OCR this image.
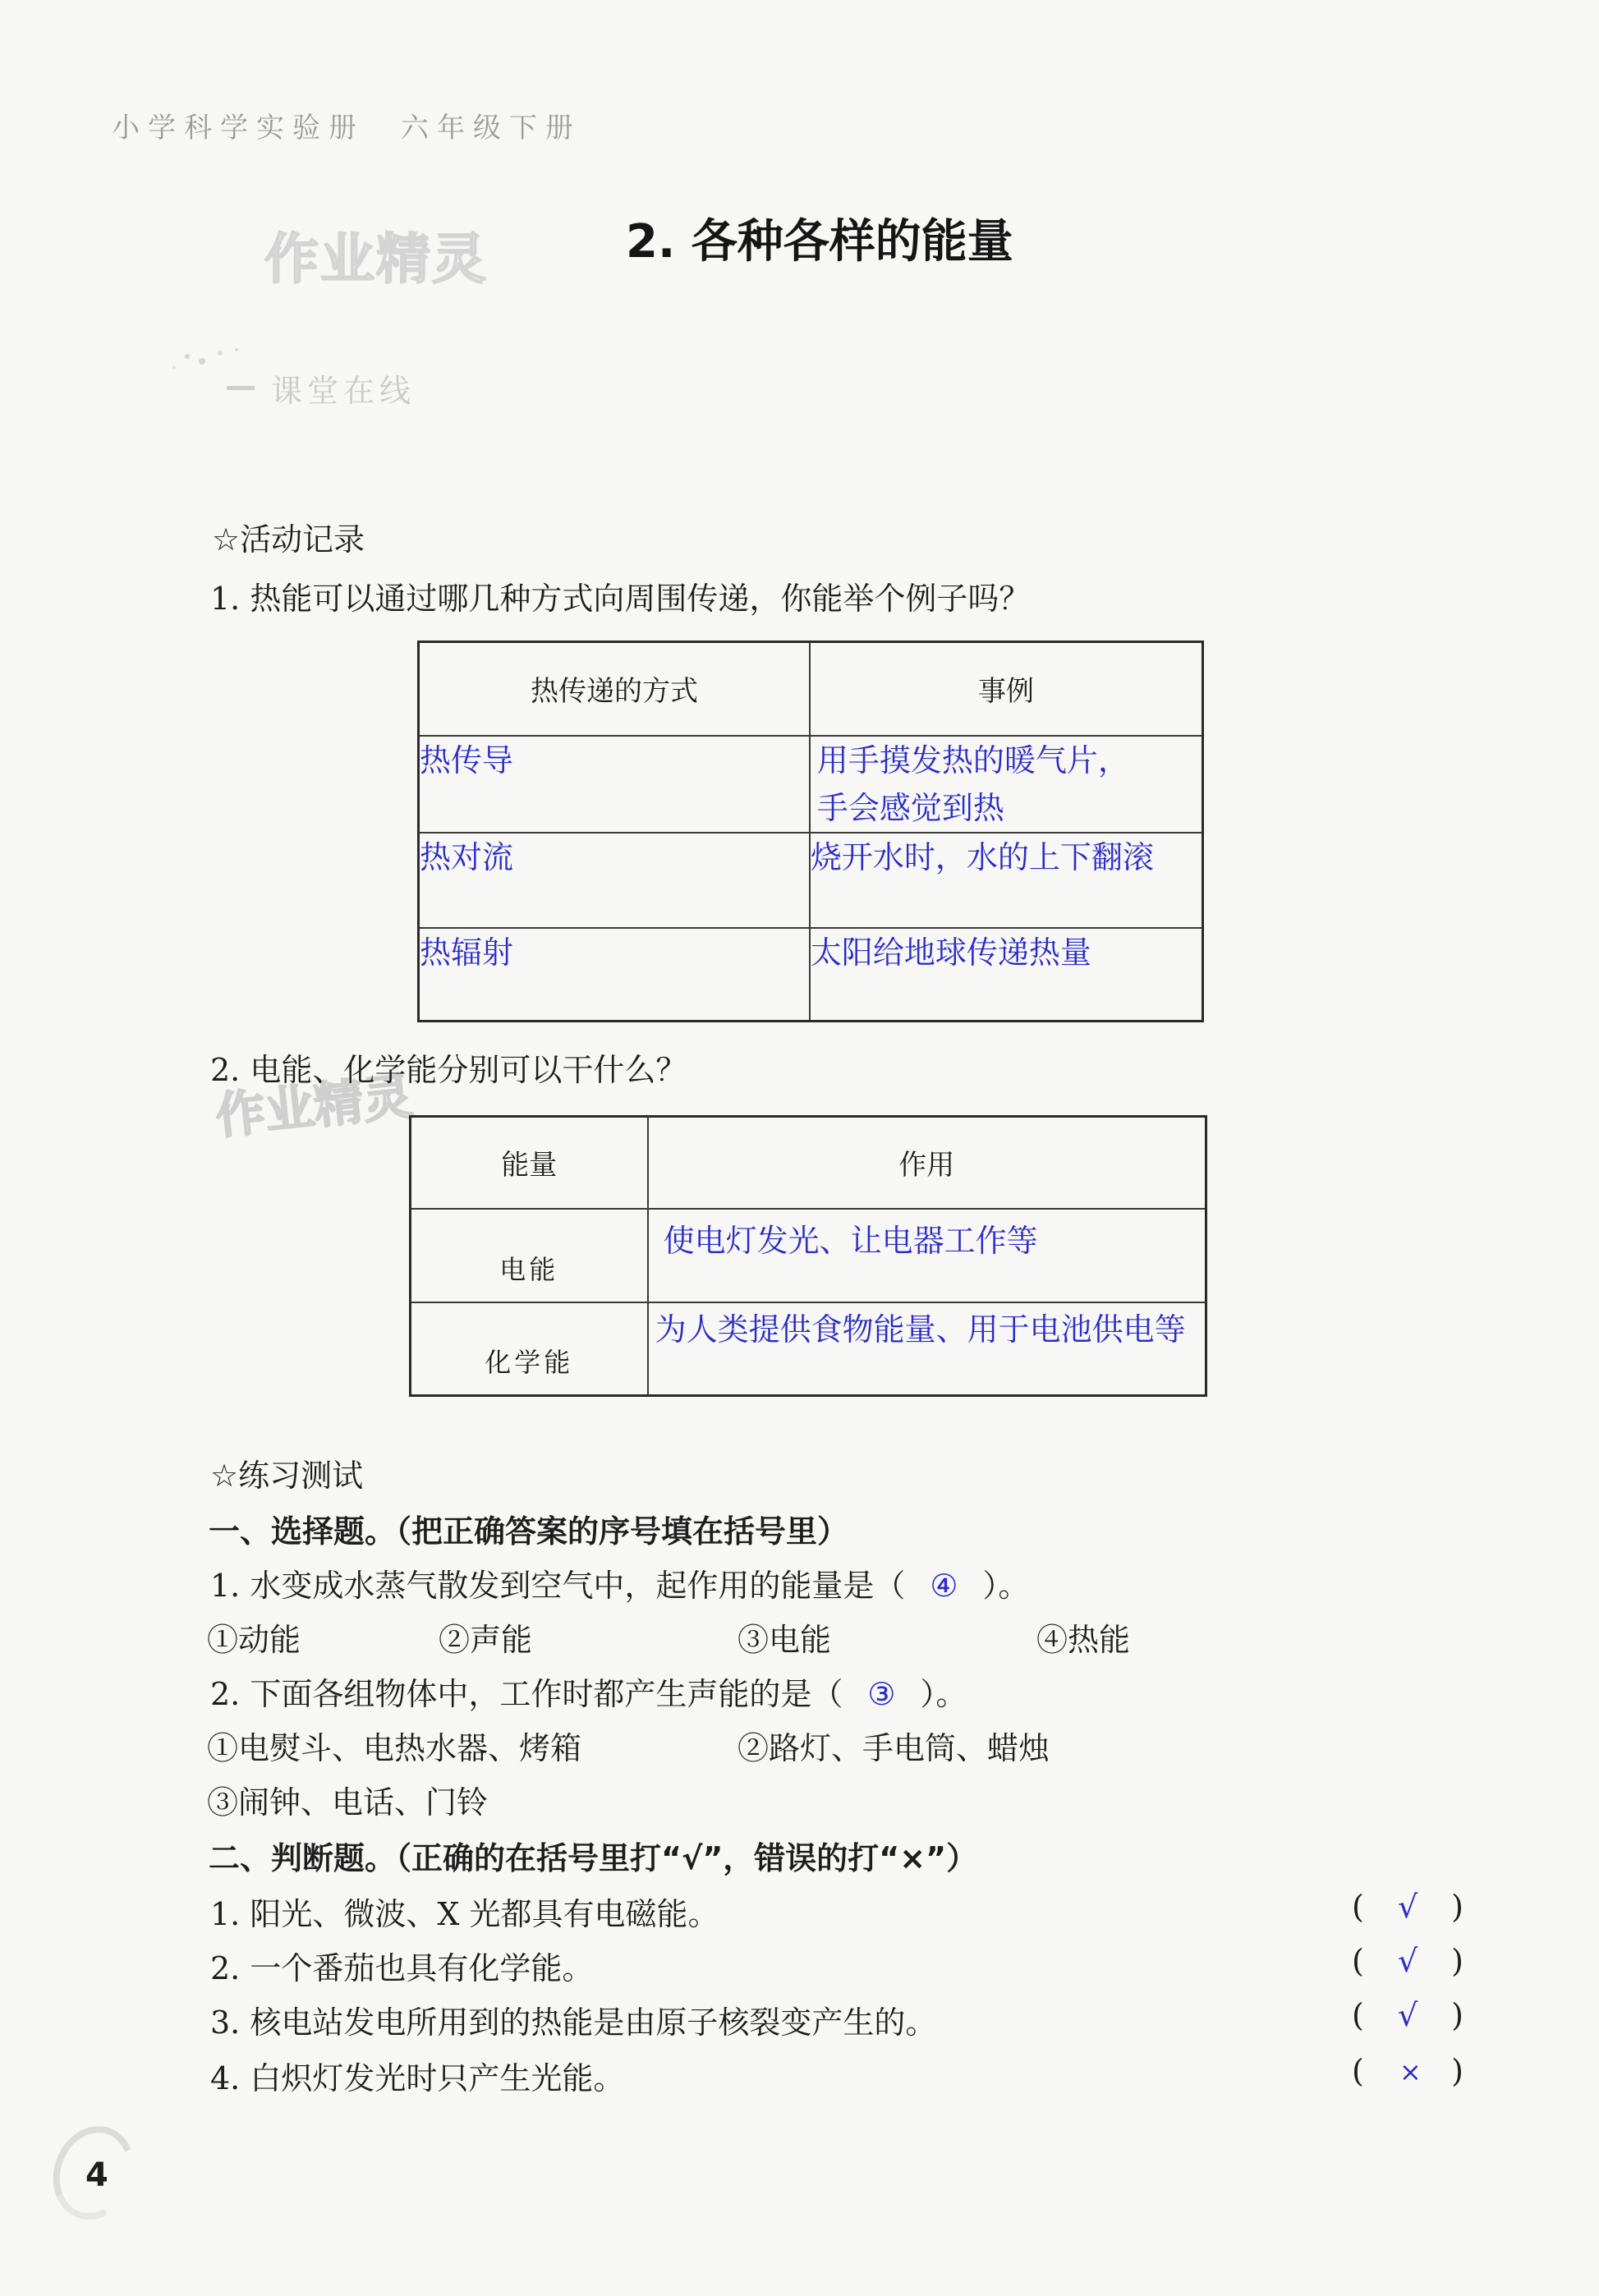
小学科学实验册　六年级下册
作业精灵
作业精灵
2. 各种各样的能量
课堂在线
☆活动记录
1. 热能可以通过哪几种方式向周围传递，你能举个例子吗？
热传递的方式	事例
热传导	用手摸发热的暖气片，
手会感觉到热

热对流	烧开水时，水的上下翻滚
热辐射	太阳给地球传递热量
2. 电能、化学能分别可以干什么？
能量	作用
电能	使电灯发光、让电器工作等
化学能	为人类提供食物能量、用于电池供电等
☆练习测试
一、选择题。（把正确答案的序号填在括号里）
1. 水变成水蒸气散发到空气中，起作用的能量是（ ④ ）。
①动能	②声能	③电能	④热能
2. 下面各组物体中，工作时都产生声能的是（ ③ ）。
①电熨斗、电热水器、烤箱	②路灯、手电筒、蜡烛
③闹钟、电话、门铃
二、判断题。（正确的在括号里打“√”，错误的打“×”）
1. 阳光、微波、X 光都具有电磁能。
2. 一个番茄也具有化学能。
3. 核电站发电所用到的热能是由原子核裂变产生的。
4. 白炽灯发光时只产生光能。
( √ )
( √ )
( √ )
( × )
4
